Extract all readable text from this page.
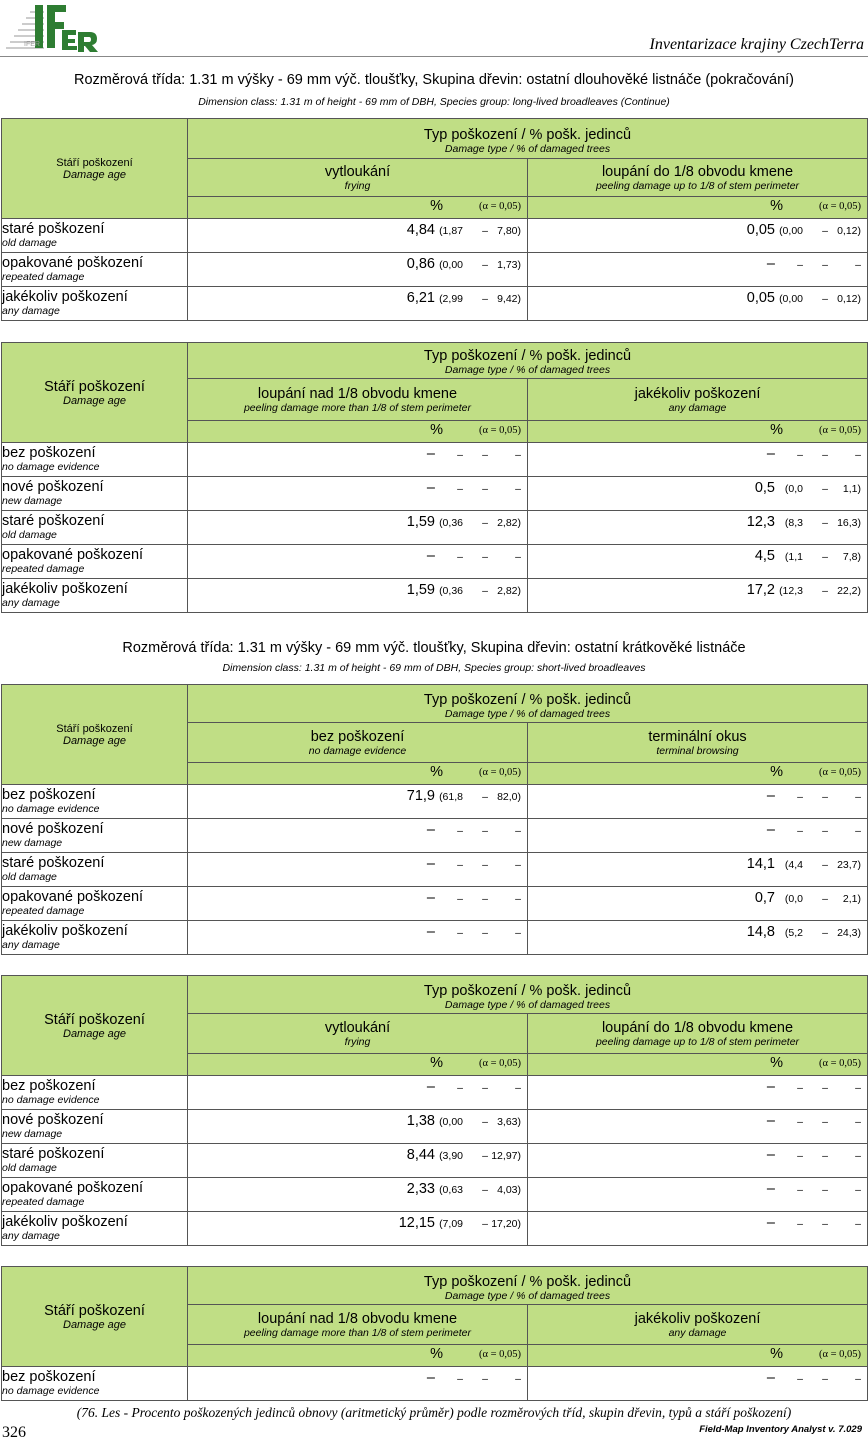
IFER	Inventarizace krajiny CzechTerra
Rozměrová třída: 1.31 m výšky - 69 mm výč. tloušťky, Skupina dřevin: ostatní dlouhověké listnáče (pokračování)
Dimension class: 1.31 m of height - 69 mm of DBH, Species group: long-lived broadleaves (Continue)
Stáří poškození
Damage age	Typ poškození / % pošk. jedinců
Damage type / % of damaged trees	

	vytloukání
frying	loupání do 1/8 obvodu kmene
peeling damage up to 1/8 of stem perimeter

	% (α = 0,05)	% (α = 0,05)

staré poškození
old damage	4,84 (1,87 – 7,80)	0,05 (0,00 – 0,12)

opakované poškození
repeated damage	0,86 (0,00 – 1,73)	– – – –

jakékoliv poškození
any damage	6,21 (2,99 – 9,42)	0,05 (0,00 – 0,12)
Stáří poškození
Damage age	Typ poškození / % pošk. jedinců
Damage type / % of damaged trees	

	loupání nad 1/8 obvodu kmene
peeling damage more than 1/8 of stem perimeter	jakékoliv poškození
any damage

	% (α = 0,05)	% (α = 0,05)

bez poškození
no damage evidence	– – – –	– – – –

nové poškození
new damage	– – – –	0,5 (0,0 – 1,1)

staré poškození
old damage	1,59 (0,36 – 2,82)	12,3 (8,3 – 16,3)

opakované poškození
repeated damage	– – – –	4,5 (1,1 – 7,8)

jakékoliv poškození
any damage	1,59 (0,36 – 2,82)	17,2 (12,3 – 22,2)
Rozměrová třída: 1.31 m výšky - 69 mm výč. tloušťky, Skupina dřevin: ostatní krátkověké listnáče
Dimension class: 1.31 m of height - 69 mm of DBH, Species group: short-lived broadleaves
Stáří poškození
Damage age	Typ poškození / % pošk. jedinců
Damage type / % of damaged trees	

	bez poškození
no damage evidence	terminální okus
terminal browsing

	% (α = 0,05)	% (α = 0,05)

bez poškození
no damage evidence	71,9 (61,8 – 82,0)	– – – –

nové poškození
new damage	– – – –	– – – –

staré poškození
old damage	– – – –	14,1 (4,4 – 23,7)

opakované poškození
repeated damage	– – – –	0,7 (0,0 – 2,1)

jakékoliv poškození
any damage	– – – –	14,8 (5,2 – 24,3)
Stáří poškození
Damage age	Typ poškození / % pošk. jedinců
Damage type / % of damaged trees	

	vytloukání
frying	loupání do 1/8 obvodu kmene
peeling damage up to 1/8 of stem perimeter

	% (α = 0,05)	% (α = 0,05)

bez poškození
no damage evidence	– – – –	– – – –

nové poškození
new damage	1,38 (0,00 – 3,63)	– – – –

staré poškození
old damage	8,44 (3,90 – 12,97)	– – – –

opakované poškození
repeated damage	2,33 (0,63 – 4,03)	– – – –

jakékoliv poškození
any damage	12,15 (7,09 – 17,20)	– – – –
Stáří poškození
Damage age	Typ poškození / % pošk. jedinců
Damage type / % of damaged trees	

	loupání nad 1/8 obvodu kmene
peeling damage more than 1/8 of stem perimeter	jakékoliv poškození
any damage

	% (α = 0,05)	% (α = 0,05)

bez poškození
no damage evidence	– – – –	– – – –
(76. Les - Procento poškozených jedinců obnovy (aritmetický průměr) podle rozměrových tříd, skupin dřevin, typů a stáří poškození)
326	Field-Map Inventory Analyst v. 7.029
